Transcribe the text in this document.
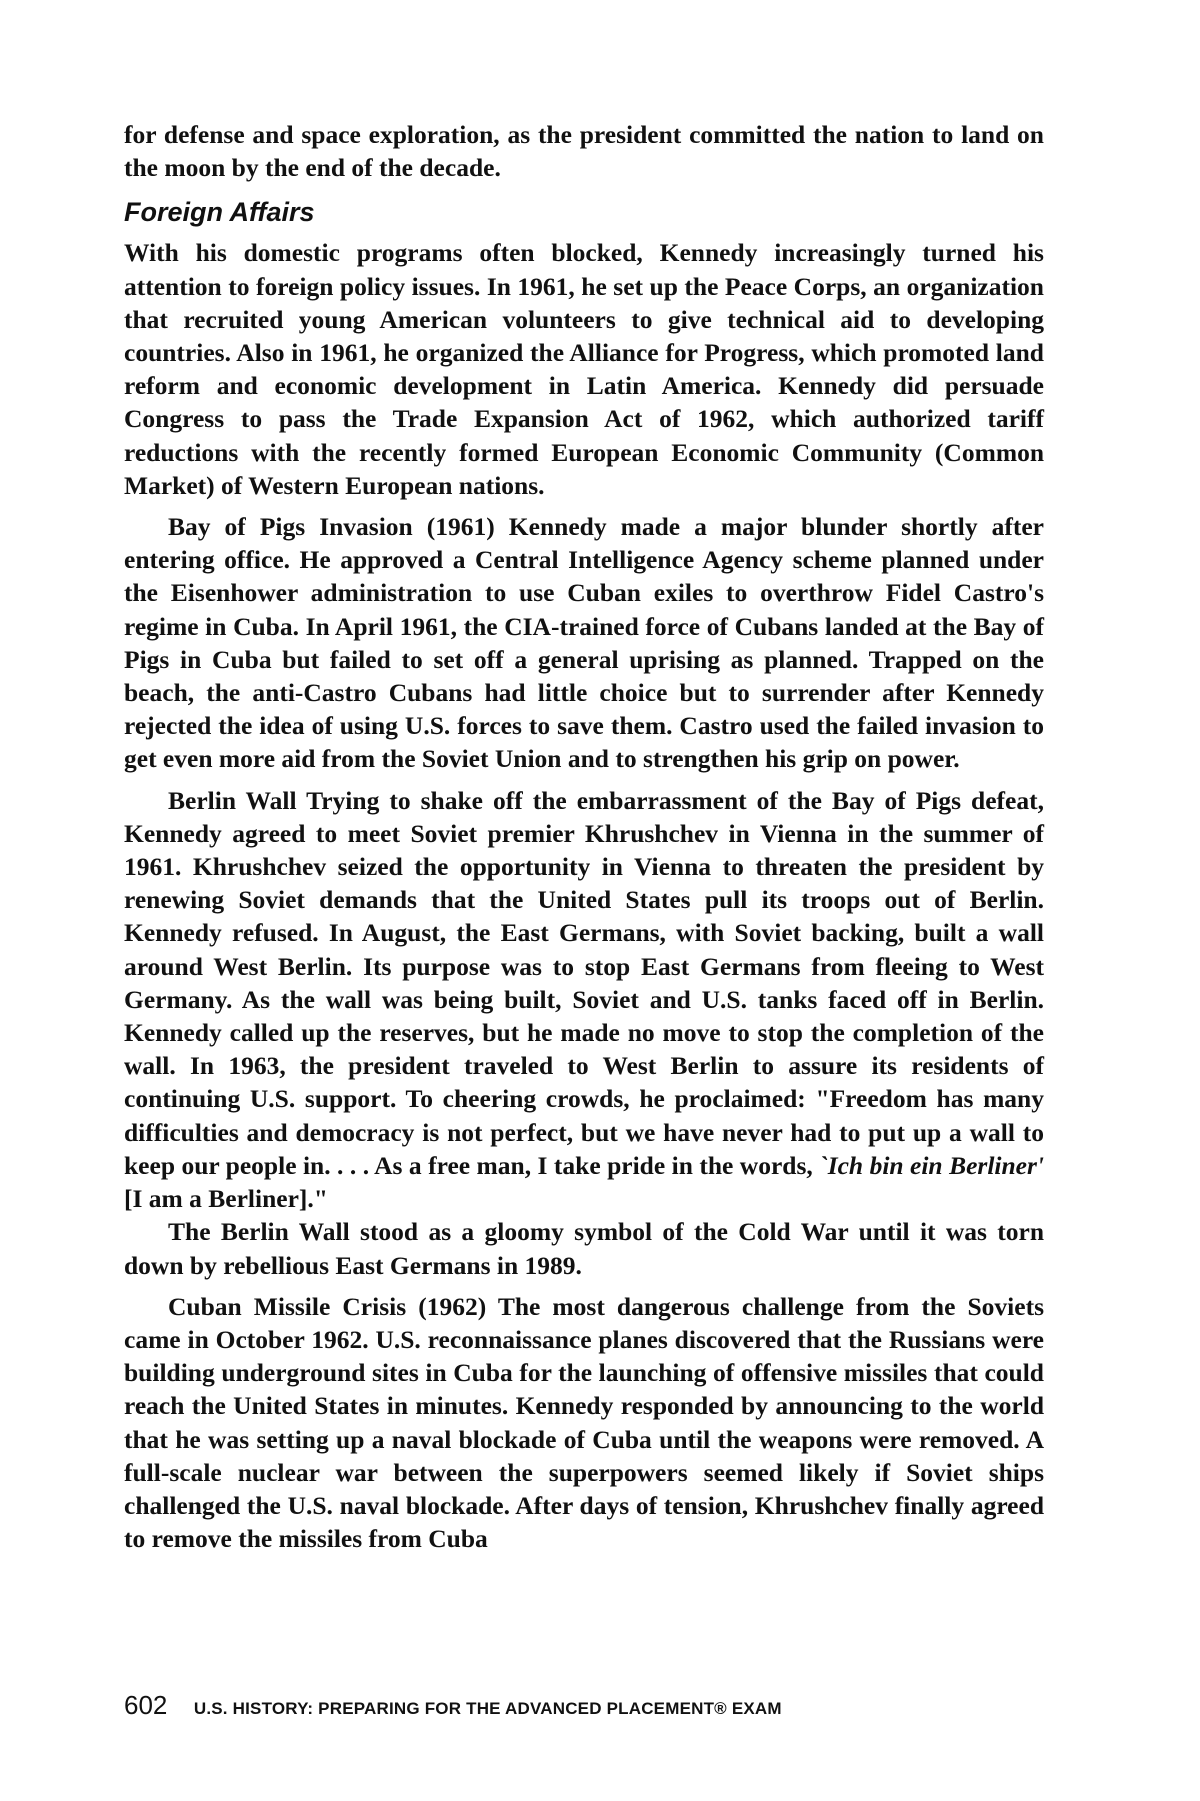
for defense and space exploration, as the president committed the nation to land on the moon by the end of the decade.

Foreign Affairs

With his domestic programs often blocked, Kennedy increasingly turned his attention to foreign policy issues. In 1961, he set up the Peace Corps, an organization that recruited young American volunteers to give technical aid to developing countries. Also in 1961, he organized the Alliance for Progress, which promoted land reform and economic development in Latin America. Kennedy did persuade Congress to pass the Trade Expansion Act of 1962, which authorized tariff reductions with the recently formed European Economic Community (Common Market) of Western European nations.

Bay of Pigs Invasion (1961) Kennedy made a major blunder shortly after entering office. He approved a Central Intelligence Agency scheme planned under the Eisenhower administration to use Cuban exiles to overthrow Fidel Castro's regime in Cuba. In April 1961, the CIA-trained force of Cubans landed at the Bay of Pigs in Cuba but failed to set off a general uprising as planned. Trapped on the beach, the anti-Castro Cubans had little choice but to surrender after Kennedy rejected the idea of using U.S. forces to save them. Castro used the failed invasion to get even more aid from the Soviet Union and to strengthen his grip on power.

Berlin Wall Trying to shake off the embarrassment of the Bay of Pigs defeat, Kennedy agreed to meet Soviet premier Khrushchev in Vienna in the summer of 1961. Khrushchev seized the opportunity in Vienna to threaten the president by renewing Soviet demands that the United States pull its troops out of Berlin. Kennedy refused. In August, the East Germans, with Soviet backing, built a wall around West Berlin. Its purpose was to stop East Germans from fleeing to West Germany. As the wall was being built, Soviet and U.S. tanks faced off in Berlin. Kennedy called up the reserves, but he made no move to stop the completion of the wall. In 1963, the president traveled to West Berlin to assure its residents of continuing U.S. support. To cheering crowds, he proclaimed: "Freedom has many difficulties and democracy is not perfect, but we have never had to put up a wall to keep our people in. . . . As a free man, I take pride in the words, `Ich bin ein Berliner' [I am a Berliner]."

The Berlin Wall stood as a gloomy symbol of the Cold War until it was torn down by rebellious East Germans in 1989.

Cuban Missile Crisis (1962) The most dangerous challenge from the Soviets came in October 1962. U.S. reconnaissance planes discovered that the Russians were building underground sites in Cuba for the launching of offensive missiles that could reach the United States in minutes. Kennedy responded by announcing to the world that he was setting up a naval blockade of Cuba until the weapons were removed. A full-scale nuclear war between the superpowers seemed likely if Soviet ships challenged the U.S. naval blockade. After days of tension, Khrushchev finally agreed to remove the missiles from Cuba

602 U.S. HISTORY: PREPARING FOR THE ADVANCED PLACEMENT® EXAM
